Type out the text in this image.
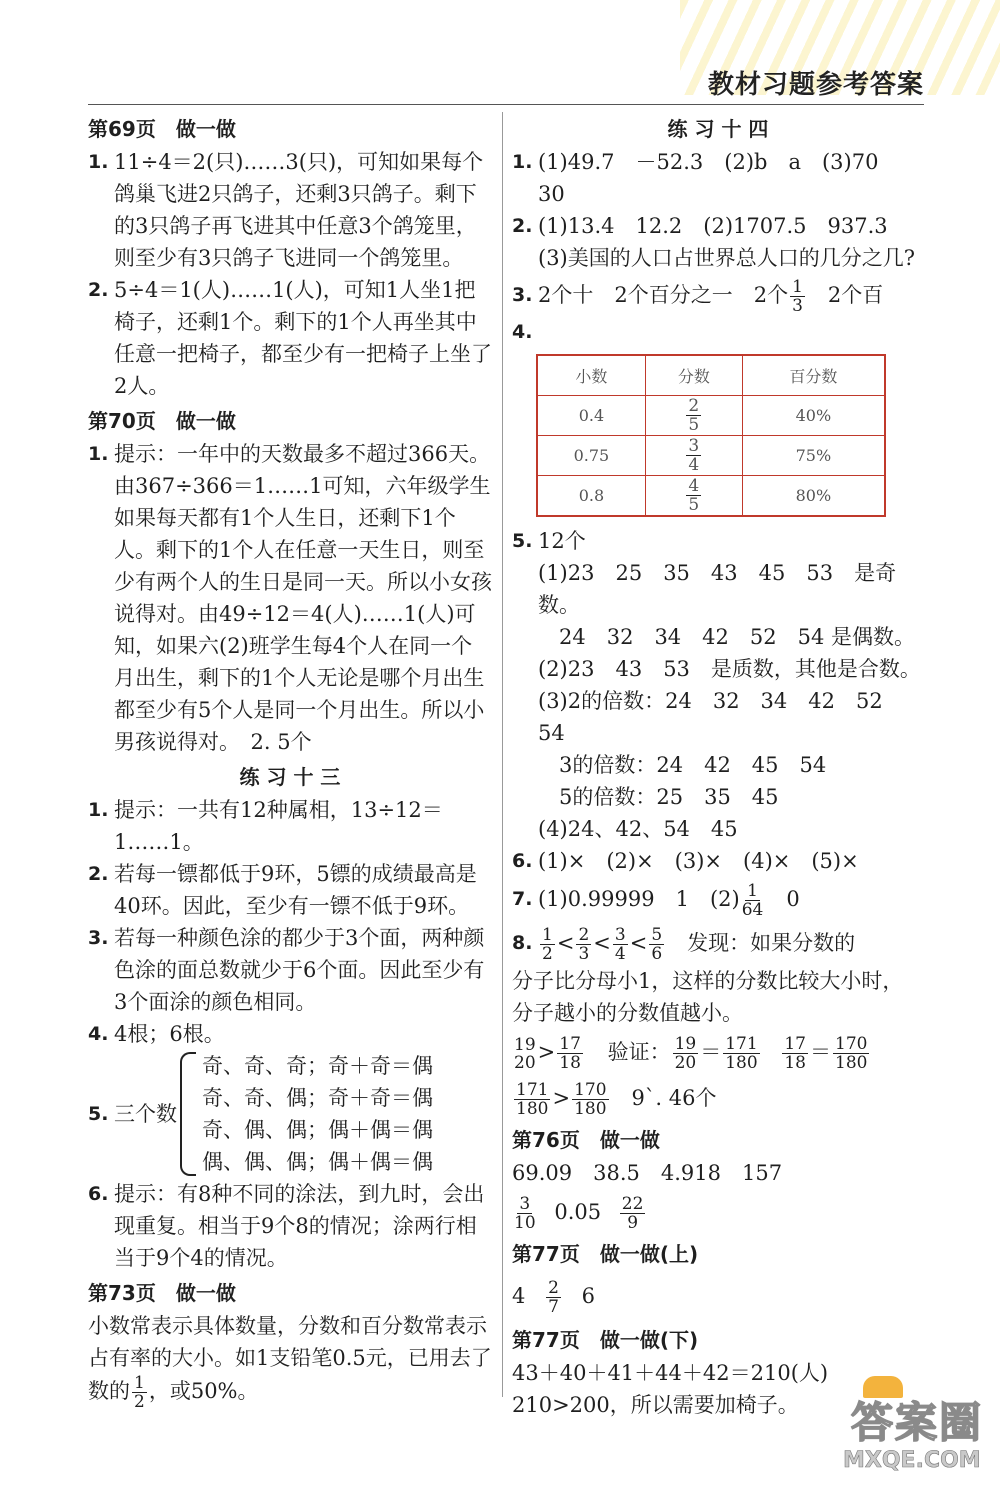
教材习题参考答案
第69页 做一做
1. 11÷4＝2(只)……3(只)，可知如果每个鸽巢飞进2只鸽子，还剩3只鸽子。剩下的3只鸽子再飞进其中任意3个鸽笼里，则至少有3只鸽子飞进同一个鸽笼里。
2. 5÷4＝1(人)……1(人)，可知1人坐1把椅子，还剩1个。剩下的1个人再坐其中任意一把椅子，都至少有一把椅子上坐了2人。
第70页 做一做
1. 提示：一年中的天数最多不超过366天。由367÷366＝1……1可知，六年级学生如果每天都有1个人生日，还剩下1个人。剩下的1个人在任意一天生日，则至少有两个人的生日是同一天。所以小女孩说得对。由49÷12＝4(人)……1(人)可知，如果六(2)班学生每4个人在同一个月出生，剩下的1个人无论是哪个月出生都至少有5个人是同一个月出生。所以小男孩说得对。　2. 5个
练 习 十 三
1. 提示：一共有12种属相，13÷12＝1……1。
2. 若每一镖都低于9环，5镖的成绩最高是40环。因此，至少有一镖不低于9环。
3. 若每一种颜色涂的都少于3个面，两种颜色涂的面总数就少于6个面。因此至少有3个面涂的颜色相同。
4. 4根；6根。
5. 三个数
奇、奇、奇；奇＋奇＝偶
奇、奇、偶；奇＋奇＝偶
奇、偶、偶；偶＋偶＝偶
偶、偶、偶；偶＋偶＝偶
6. 提示：有8种不同的涂法，到九时，会出现重复。相当于9个8的情况；涂两行相当于9个4的情况。
第73页 做一做
小数常表示具体数量，分数和百分数常表示占有率的大小。如1支铅笔0.5元，已用去了数的 $\frac{1}{2}$ ，或50%。
练 习 十 四
1. (1)49.7　－52.3　(2)b　a　(3)70　30
2. (1)13.4　12.2　(2)1707.5　937.3
(3)美国的人口占世界总人口的几分之几?
3. 2个十　2个百分之一　2个 $\frac{1}{3}$ 　2个百
4.
小数	分数	百分数
0.4	$\frac{2}{5}$	40%
0.75	$\frac{3}{4}$	75%
0.8	$\frac{4}{5}$	80%
5. 12个
(1)23　25　35　43　45　53　是奇数。
　24　32　34　42　52　54 是偶数。
(2)23　43　53　是质数，其他是合数。
(3)2的倍数：24　32　34　42　52　54
　3的倍数：24　42　45　54
　5的倍数：25　35　45
(4)24、42、54　45
6. (1)×　(2)×　(3)×　(4)×　(5)×
7. (1)0.99999　1　$(2) \frac{1}{64}$ 　0
8. $\frac{1}{2} < \frac{2}{3} < \frac{3}{4} < \frac{5}{6}$ 　发现：如果分数的
分子比分母小1，这样的分数比较大小时，分子越小的分数值越小。
19
$20 > \frac{17}{18}$ 验证： $\frac{19}{20} = \frac{171}{180}$
$\frac{17}{18} = \frac{170}{180}$
$\frac{171}{180} > \frac{170}{180}$ 　9`. 46个
第76页 做一做
69.09　38.5　4.918　157
$\frac{3}{10} 0.05 \frac{22}{9}$
第77页 做一做(上)
$4 \frac{2}{7} 6$
第77页 做一做(下)
43＋40＋41＋44＋42＝210(人)　210>200，所以需要加椅子。	答案圈
MXQE.COM
